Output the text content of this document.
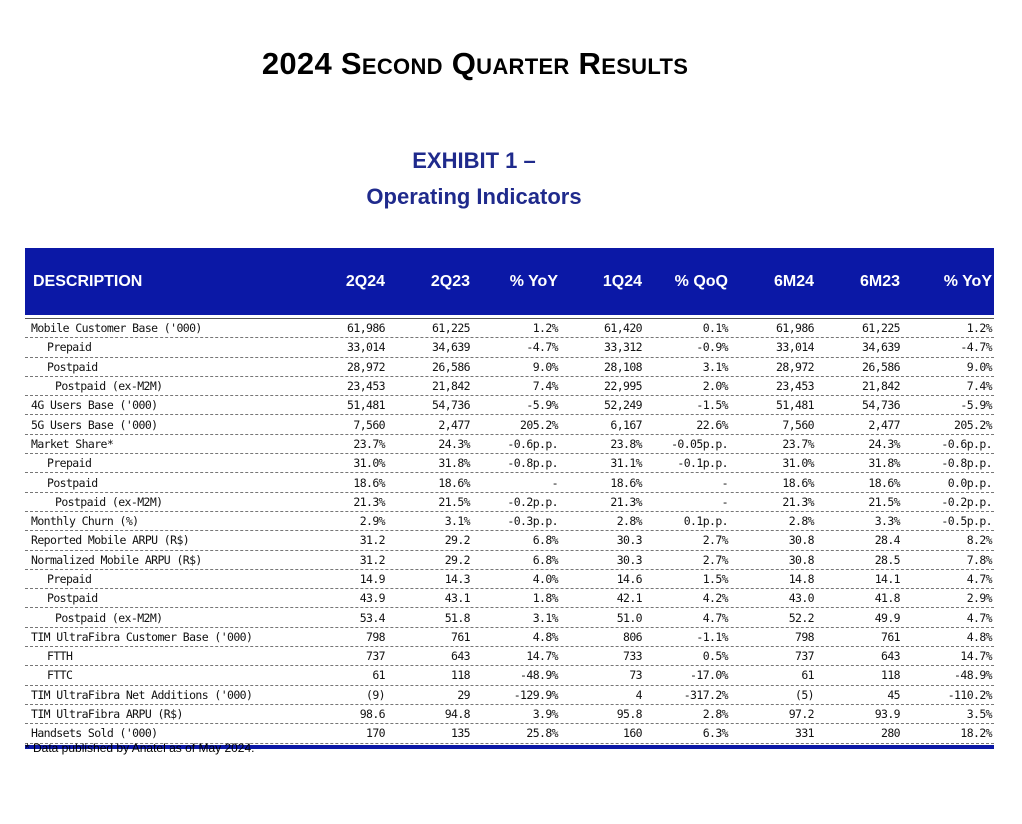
2024 Second Quarter Results
EXHIBIT 1 –
Operating Indicators
DESCRIPTION	2Q24	2Q23	% YoY	1Q24	% QoQ	6M24	6M23	% YoY
Mobile Customer Base ('000)	61,986	61,225	1.2%	61,420	0.1%	61,986	61,225	1.2%
Prepaid	33,014	34,639	-4.7%	33,312	-0.9%	33,014	34,639	-4.7%
Postpaid	28,972	26,586	9.0%	28,108	3.1%	28,972	26,586	9.0%
Postpaid (ex-M2M)	23,453	21,842	7.4%	22,995	2.0%	23,453	21,842	7.4%
4G Users Base ('000)	51,481	54,736	-5.9%	52,249	-1.5%	51,481	54,736	-5.9%
5G Users Base ('000)	7,560	2,477	205.2%	6,167	22.6%	7,560	2,477	205.2%
Market Share*	23.7%	24.3%	-0.6p.p.	23.8%	-0.05p.p.	23.7%	24.3%	-0.6p.p.
Prepaid	31.0%	31.8%	-0.8p.p.	31.1%	-0.1p.p.	31.0%	31.8%	-0.8p.p.
Postpaid	18.6%	18.6%	-	18.6%	-	18.6%	18.6%	0.0p.p.
Postpaid (ex-M2M)	21.3%	21.5%	-0.2p.p.	21.3%	-	21.3%	21.5%	-0.2p.p.
Monthly Churn (%)	2.9%	3.1%	-0.3p.p.	2.8%	0.1p.p.	2.8%	3.3%	-0.5p.p.
Reported Mobile ARPU (R$)	31.2	29.2	6.8%	30.3	2.7%	30.8	28.4	8.2%
Normalized Mobile ARPU (R$)	31.2	29.2	6.8%	30.3	2.7%	30.8	28.5	7.8%
Prepaid	14.9	14.3	4.0%	14.6	1.5%	14.8	14.1	4.7%
Postpaid	43.9	43.1	1.8%	42.1	4.2%	43.0	41.8	2.9%
Postpaid (ex-M2M)	53.4	51.8	3.1%	51.0	4.7%	52.2	49.9	4.7%
TIM UltraFibra Customer Base ('000)	798	761	4.8%	806	-1.1%	798	761	4.8%
FTTH	737	643	14.7%	733	0.5%	737	643	14.7%
FTTC	61	118	-48.9%	73	-17.0%	61	118	-48.9%
TIM UltraFibra Net Additions ('000)	(9)	29	-129.9%	4	-317.2%	(5)	45	-110.2%
TIM UltraFibra ARPU (R$)	98.6	94.8	3.9%	95.8	2.8%	97.2	93.9	3.5%
Handsets Sold ('000)	170	135	25.8%	160	6.3%	331	280	18.2%
* Data published by Anatel as of May 2024.
